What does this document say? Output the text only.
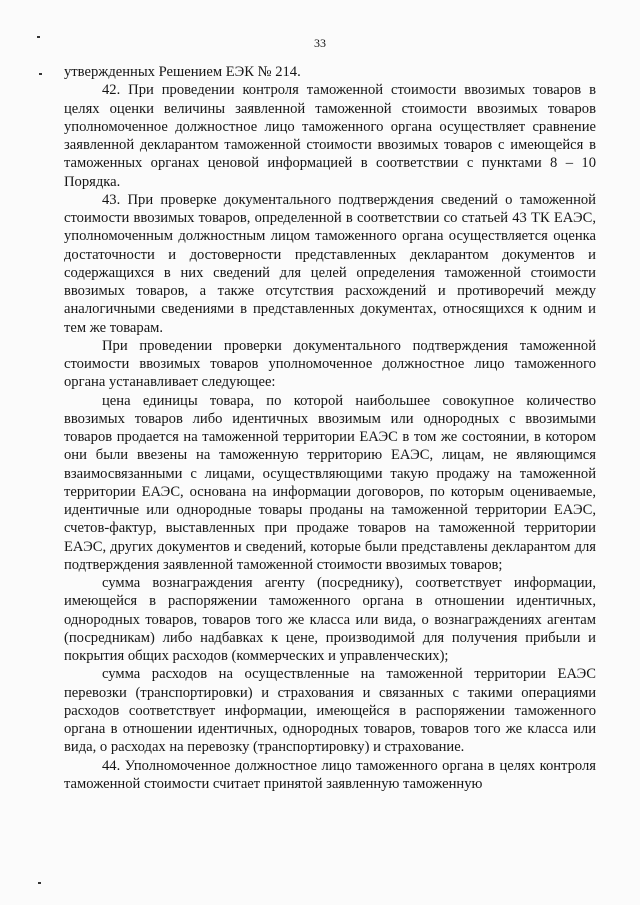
33

утвержденных Решением ЕЭК № 214.

42. При проведении контроля таможенной стоимости ввозимых товаров в целях оценки величины заявленной таможенной стоимости ввозимых товаров уполномоченное должностное лицо таможенного органа осуществляет сравнение заявленной декларантом таможенной стоимости ввозимых товаров с имеющейся в таможенных органах ценовой информацией в соответствии с пунктами 8 – 10 Порядка.

43. При проверке документального подтверждения сведений о таможенной стоимости ввозимых товаров, определенной в соответствии со статьей 43 ТК ЕАЭС, уполномоченным должностным лицом таможенного органа осуществляется оценка достаточности и достоверности представленных декларантом документов и содержащихся в них сведений для целей определения таможенной стоимости ввозимых товаров, а также отсутствия расхождений и противоречий между аналогичными сведениями в представленных документах, относящихся к одним и тем же товарам.

При проведении проверки документального подтверждения таможенной стоимости ввозимых товаров уполномоченное должностное лицо таможенного органа устанавливает следующее:

цена единицы товара, по которой наибольшее совокупное количество ввозимых товаров либо идентичных ввозимым или однородных с ввозимыми товаров продается на таможенной территории ЕАЭС в том же состоянии, в котором они были ввезены на таможенную территорию ЕАЭС, лицам, не являющимся взаимосвязанными с лицами, осуществляющими такую продажу на таможенной территории ЕАЭС, основана на информации договоров, по которым оцениваемые, идентичные или однородные товары проданы на таможенной территории ЕАЭС, счетов-фактур, выставленных при продаже товаров на таможенной территории ЕАЭС, других документов и сведений, которые были представлены декларантом для подтверждения заявленной таможенной стоимости ввозимых товаров;

сумма вознаграждения агенту (посреднику), соответствует информации, имеющейся в распоряжении таможенного органа в отношении идентичных, однородных товаров, товаров того же класса или вида, о вознаграждениях агентам (посредникам) либо надбавках к цене, производимой для получения прибыли и покрытия общих расходов (коммерческих и управленческих);

сумма расходов на осуществленные на таможенной территории ЕАЭС перевозки (транспортировки) и страхования и связанных с такими операциями расходов соответствует информации, имеющейся в распоряжении таможенного органа в отношении идентичных, однородных товаров, товаров того же класса или вида, о расходах на перевозку (транспортировку) и страхование.

44. Уполномоченное должностное лицо таможенного органа в целях контроля таможенной стоимости считает принятой заявленную таможенную
